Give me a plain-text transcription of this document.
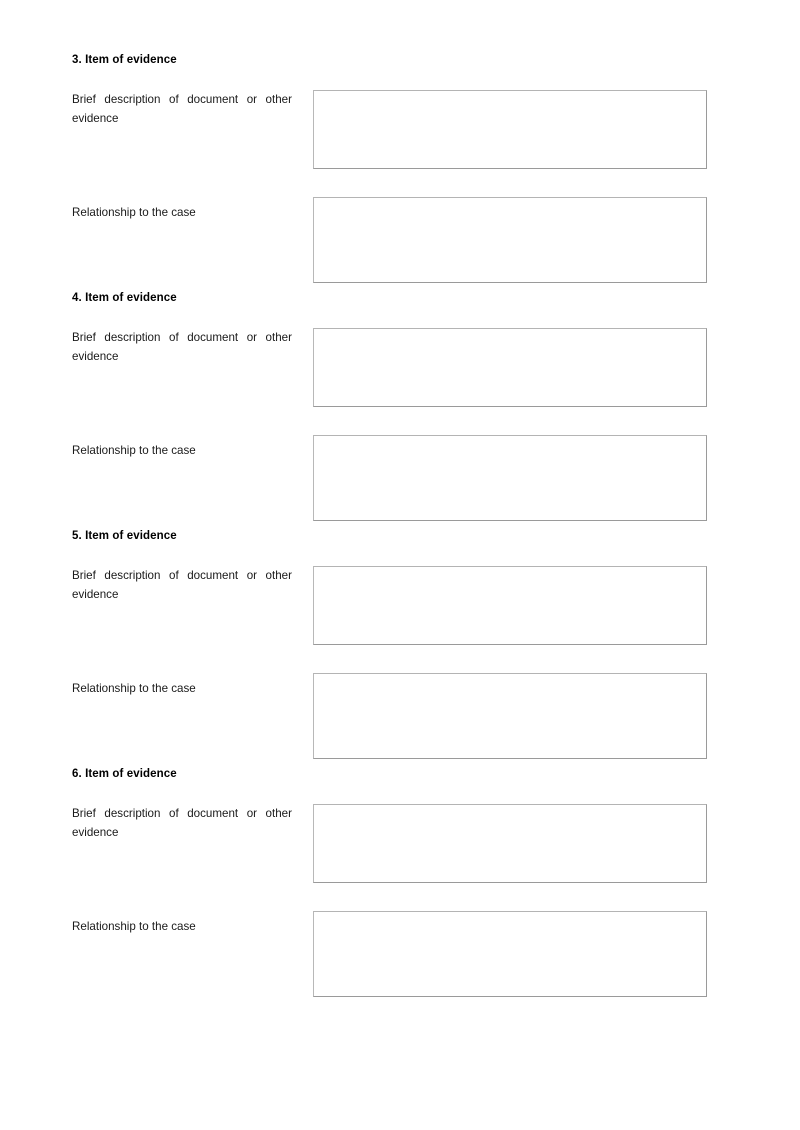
3. Item of evidence
Brief description of document or other evidence
Relationship to the case
4. Item of evidence
Brief description of document or other evidence
Relationship to the case
5. Item of evidence
Brief description of document or other evidence
Relationship to the case
6. Item of evidence
Brief description of document or other evidence
Relationship to the case
